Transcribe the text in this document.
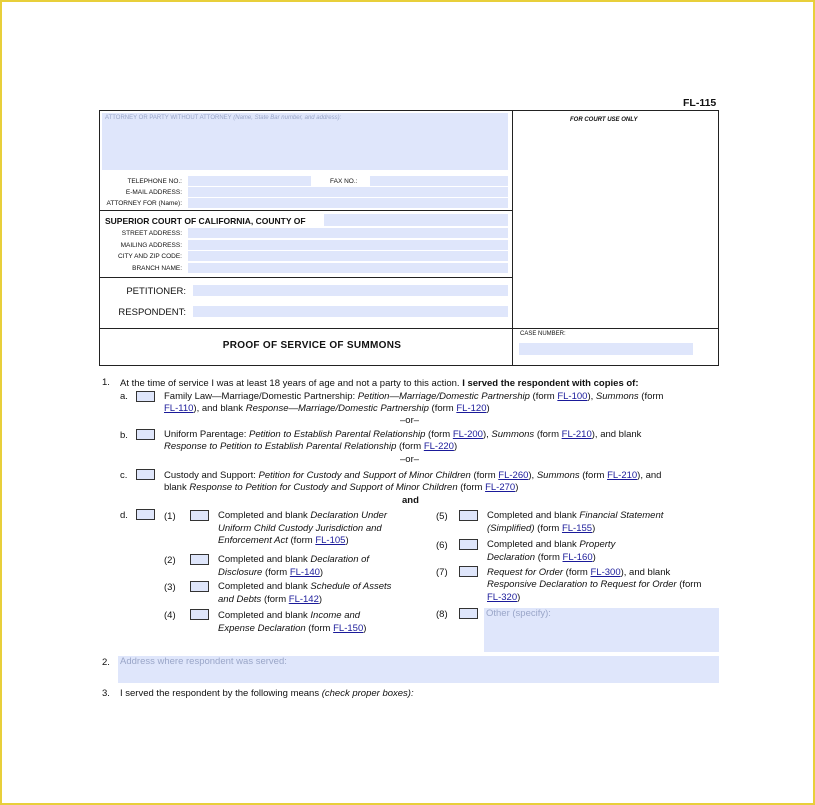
FL-115
ATTORNEY OR PARTY WITHOUT ATTORNEY (Name, State Bar number, and address):	FOR COURT USE ONLY
TELEPHONE NO.:	FAX NO.:
E-MAIL ADDRESS:
ATTORNEY FOR (Name):
SUPERIOR COURT OF CALIFORNIA, COUNTY OF
STREET ADDRESS:
MAILING ADDRESS:
CITY AND ZIP CODE:
BRANCH NAME:
PETITIONER:
RESPONDENT:
PROOF OF SERVICE OF SUMMONS
CASE NUMBER:
1. At the time of service I was at least 18 years of age and not a party to this action. I served the respondent with copies of:
a.	Family Law—Marriage/Domestic Partnership: Petition—Marriage/Domestic Partnership (form FL-100), Summons (form
FL-110), and blank Response—Marriage/Domestic Partnership (form FL-120)
–or–
b.	Uniform Parentage: Petition to Establish Parental Relationship (form FL-200), Summons (form FL-210), and blank
Response to Petition to Establish Parental Relationship (form FL-220)
–or–
c.	Custody and Support: Petition for Custody and Support of Minor Children (form FL-260), Summons (form FL-210), and
blank Response to Petition for Custody and Support of Minor Children (form FL-270)
and
d.	(1)	Completed and blank Declaration Under
Uniform Child Custody Jurisdiction and
Enforcement Act (form FL-105)
(2)	Completed and blank Declaration of
Disclosure (form FL-140)
(3)	Completed and blank Schedule of Assets
and Debts (form FL-142)
(4)	Completed and blank Income and
Expense Declaration (form FL-150)
(5)	Completed and blank Financial Statement
(Simplified) (form FL-155)
(6)	Completed and blank Property
Declaration (form FL-160)
(7)	Request for Order (form FL-300), and blank
Responsive Declaration to Request for Order (form
FL-320)
(8)	Other (specify):
2. Address where respondent was served:
3. I served the respondent by the following means (check proper boxes):
